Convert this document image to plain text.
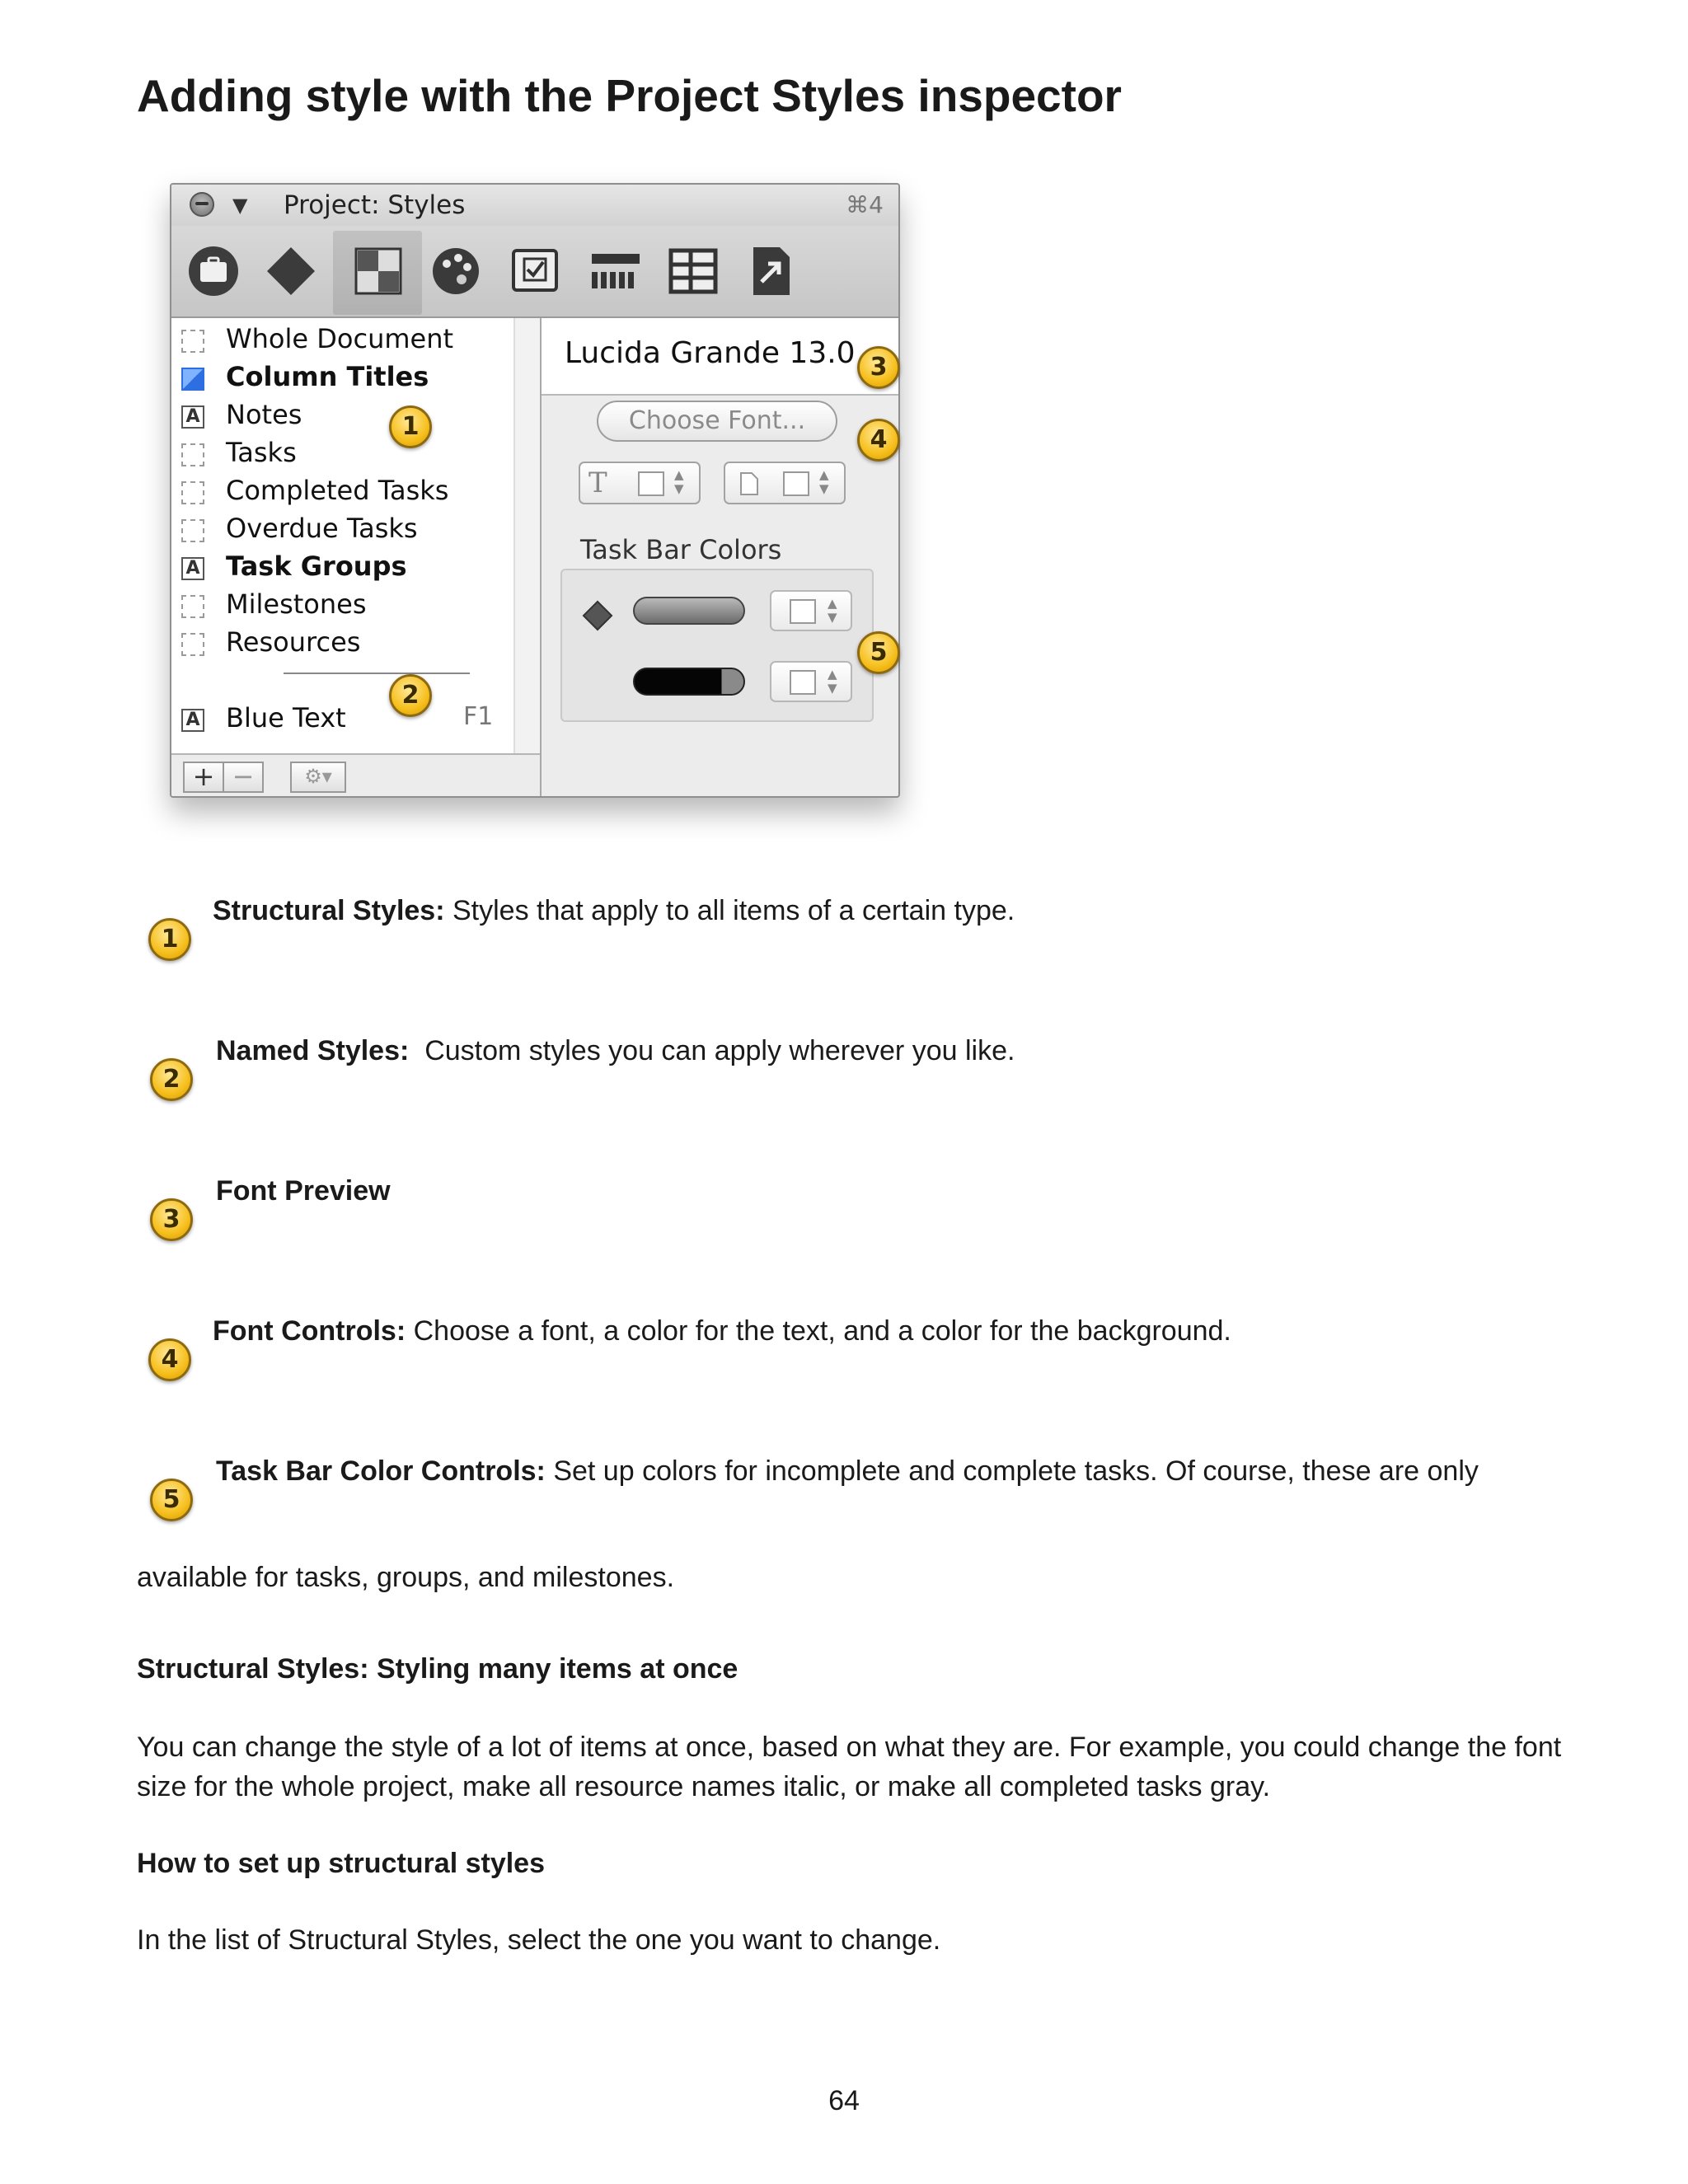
Adding style with the Project Styles inspector
▼ Project: Styles	⌘4
Whole Document
Column Titles
A Notes
Tasks
Completed Tasks
Overdue Tasks
A Task Groups
Milestones
Resources
A Blue Text	F1
+ −	⚙▾
Lucida Grande 13.0
Choose Font...
T	▲
▼
▲
▼
Task Bar Colors
▲
▼
▲
▼
1
2
3
4
5
1
Structural Styles: Styles that apply to all items of a certain type.
2
Named Styles:  Custom styles you can apply wherever you like.
3
Font Preview
4
Font Controls: Choose a font, a color for the text, and a color for the background.
5
Task Bar Color Controls: Set up colors for incomplete and complete tasks. Of course, these are only
available for tasks, groups, and milestones.
Structural Styles: Styling many items at once
You can change the style of a lot of items at once, based on what they are. For example, you could change the font size for the whole project, make all resource names italic, or make all completed tasks gray.
How to set up structural styles
In the list of Structural Styles, select the one you want to change.
64
